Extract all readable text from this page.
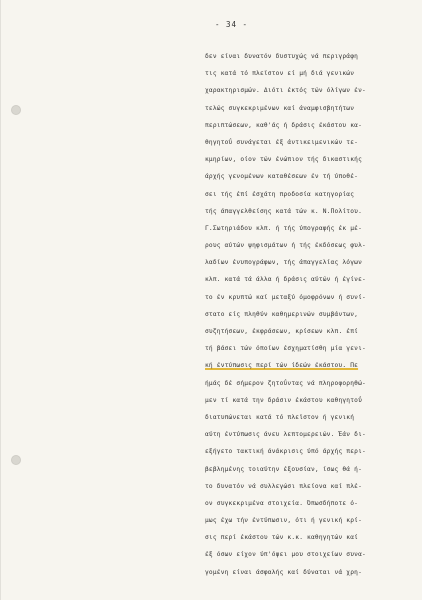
- 34 -
δεν είναι δυνατόν δυστυχώς νά περιγράφη
τις κατά τό πλεϊστον εί μή διά γενικών
χαρακτηρισμών. Διότι έκτός τών όλίγων έν-
τελώς συγκεκριμένων καί άναμφισβητήτων
περιπτώσεων, καθ'άς ή δράσις έκάστου κα-
θηγητοΰ συνάγεται έξ άντικειμενικών τε-
κμηρίων, οίον τών ένώπιον τής δικαστικής
άρχής γενομένων καταθέσεων έν τή ύποθέ-
σει τής έπί έσχάτη προδοσία κατηγορίας
τής άπαγγελθείσης κατά τών κ. Ν.Πολίτου.
Γ.Σωτηριάδου κλπ. ή τής ύπογραφής έκ μέ-
ρους αύτών ψηφισμάτων ή τής έκδόσεως φυλ-
λαδίων ένυπογράφων, τής άπαγγελίας λόγων
κλπ. κατά τά άλλα ή δράσις αύτών ή έγίνε-
το έν κρυπτώ καί μεταξύ όμοφρόνων ή συνί-
στατο είς πληθύν καθημερινών συμβάντων,
συζητήσεων, έκφράσεων, κρίσεων κλπ. έπί
τή βάσει τών όποίων έσχηματίσθη μία γενι-
κή έντύπωσις περί τών ίδεών έκάστου. Πε
ήμάς δέ σήμερον ζητοΰντας νά πληροφορηθώ-
μεν τί κατά την δράσιν έκάστου καθηγητοΰ
διατυπώνεται κατά τό πλεϊστον ή γενική
αύτη έντύπωσις άνευ λεπτομερειών. Έάν δι-
εξήγετο τακτική άνάκρισις ύπό άρχής περι-
βεβλημένης τοιαύτην έξουσίαν, ίσως θά ή-
το δυνατόν νά συλλεγώσι πλείονα καί πλέ-
ον συγκεκριμένα στοιχεία. Όπωσδήποτε ό-
μως έχω τήν έντύπωσιν, ότι ή γενική κρί-
σις περί έκάστου τών κ.κ. καθηγητών καί
έξ όσων είχον ύπ'όψει μου στοιχείων συνα-
γομένη είναι άσφαλής καί δύναται νά χρη-
